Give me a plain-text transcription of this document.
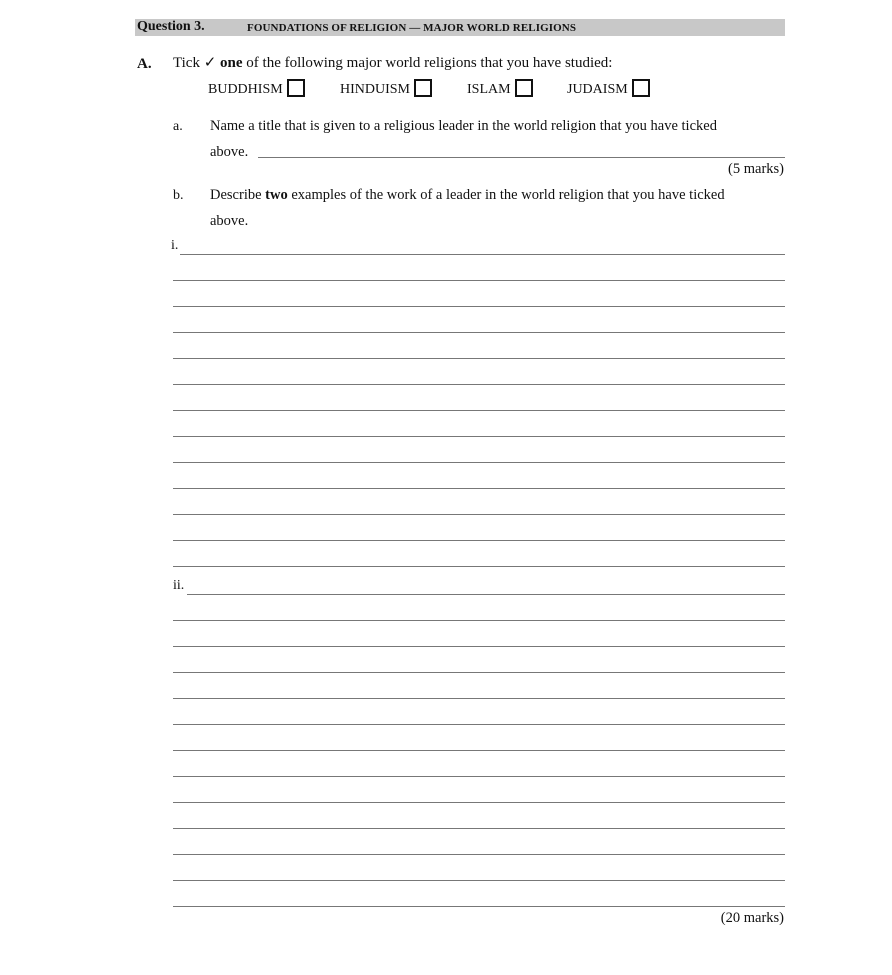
Question 3.	FOUNDATIONS OF RELIGION — MAJOR WORLD RELIGIONS
A. Tick ✓ one of the following major world religions that you have studied:
BUDDHISM	HINDUISM	ISLAM	JUDAISM
a. Name a title that is given to a religious leader in the world religion that you have ticked
above.
(5 marks)
b. Describe two examples of the work of a leader in the world religion that you have ticked
above.
i.
ii.
(20 marks)
